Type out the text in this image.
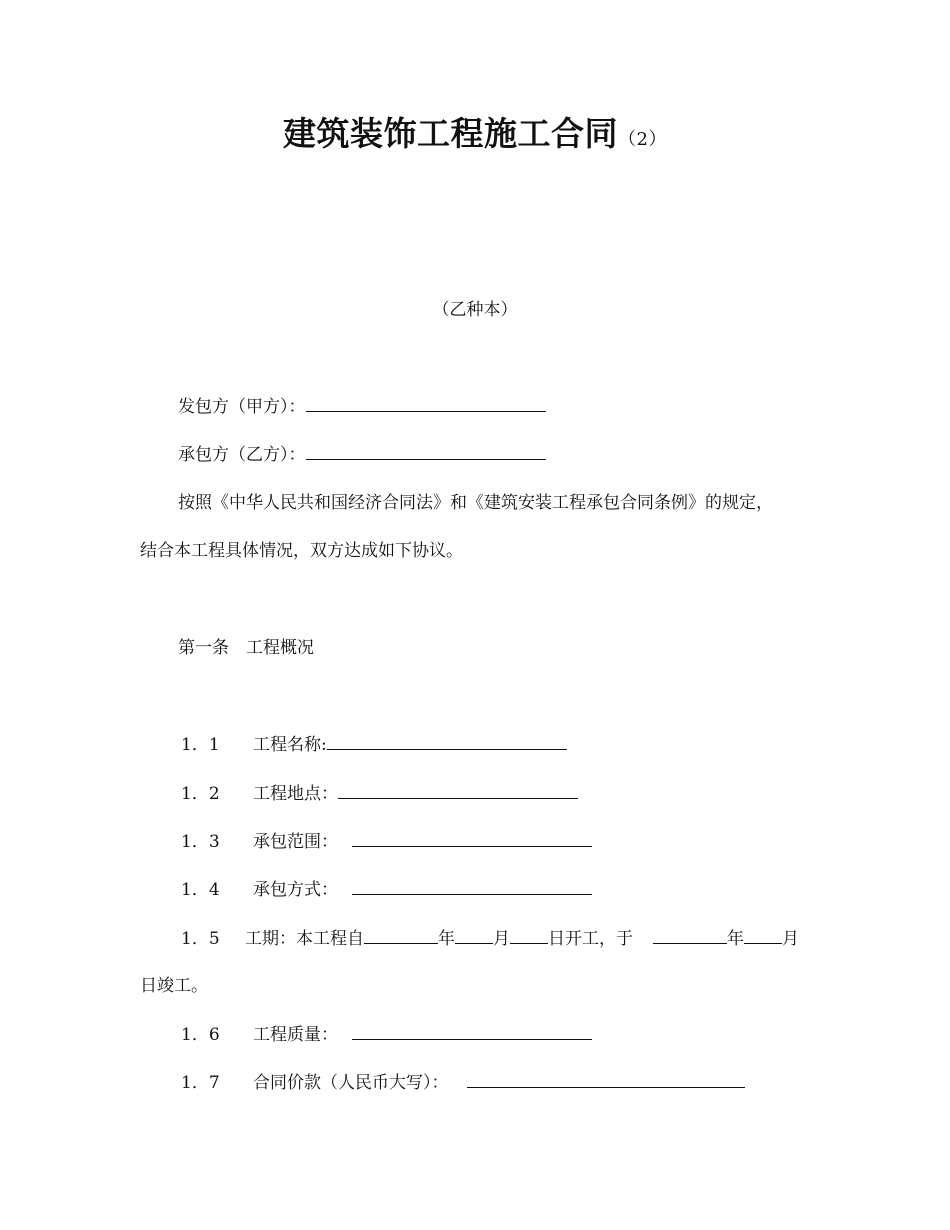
建筑装饰工程施工合同（2）
（乙种本）
发包方（甲方）：
承包方（乙方）：
按照《中华人民共和国经济合同法》和《建筑安装工程承包合同条例》的规定，
结合本工程具体情况，双方达成如下协议。
第一条　工程概况
1．1 工程名称:
1．2 工程地点：
1．3 承包范围：
1．4 承包方式：
1．5 工期：本工程自	年 月 日开工，于	年 月
日竣工。
1．6 工程质量：
1．7 合同价款（人民币大写）：
